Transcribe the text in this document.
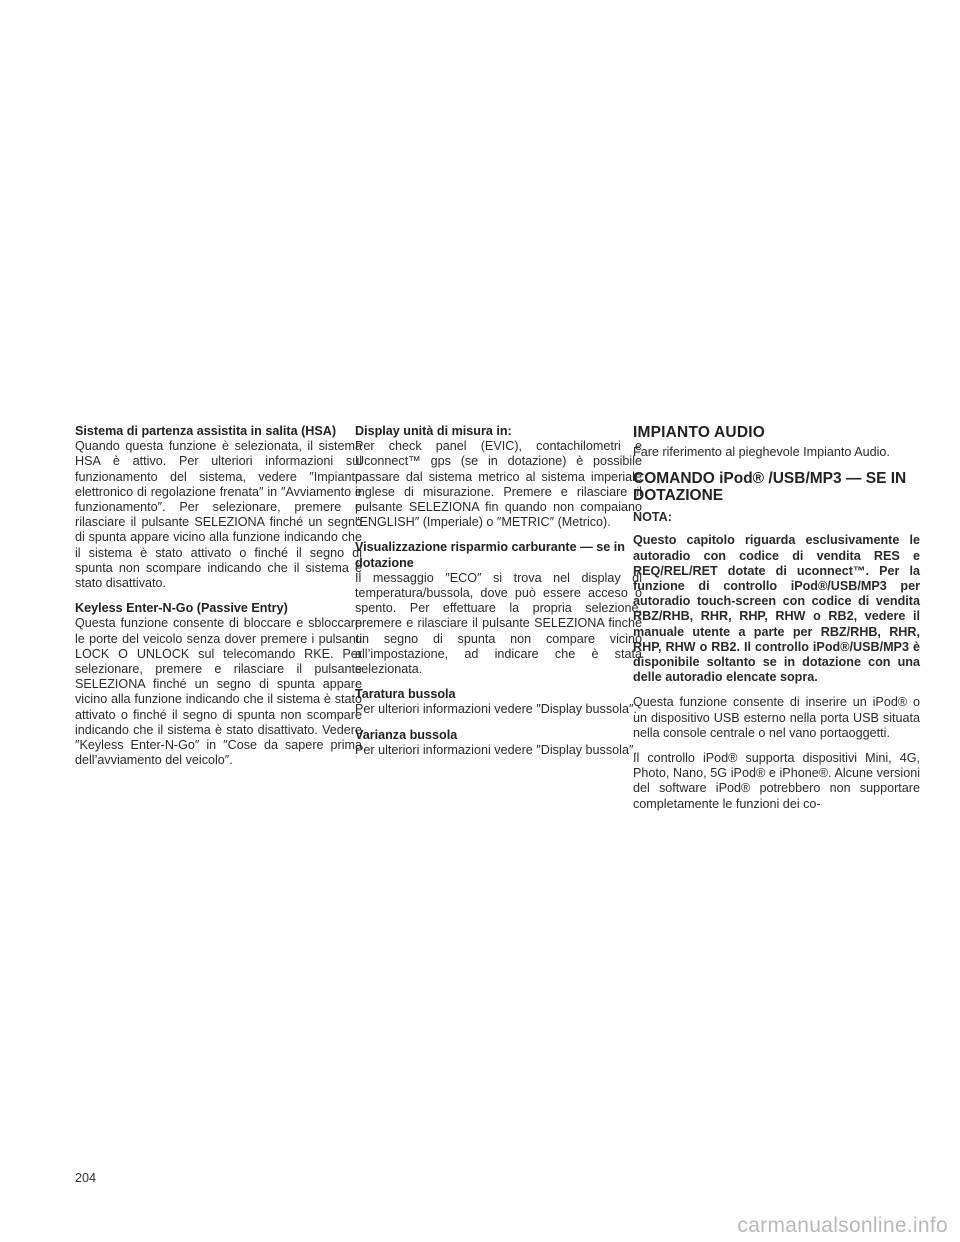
Sistema di partenza assistita in salita (HSA)
Quando questa funzione è selezionata, il sistema HSA è attivo. Per ulteriori informazioni sul funzionamento del sistema, vedere ″Impianto elettronico di regolazione frenata″ in ″Avviamento e funzionamento″. Per selezionare, premere e rilasciare il pulsante SELEZIONA finché un segno di spunta appare vicino alla funzione indicando che il sistema è stato attivato o finché il segno di spunta non scompare indicando che il sistema è stato disattivato.
Keyless Enter-N-Go (Passive Entry)
Questa funzione consente di bloccare e sbloccare le porte del veicolo senza dover premere i pulsanti LOCK O UNLOCK sul telecomando RKE. Per selezionare, premere e rilasciare il pulsante SELEZIONA finché un segno di spunta appare vicino alla funzione indicando che il sistema è stato attivato o finché il segno di spunta non scompare indicando che il sistema è stato disattivato. Vedere ″Keyless Enter-N-Go″ in ″Cose da sapere prima dell’avviamento del veicolo″.
Display unità di misura in:
Per check panel (EVIC), contachilometri e Uconnect™ gps (se in dotazione) è possibile passare dal sistema metrico al sistema imperiale inglese di misurazione. Premere e rilasciare il pulsante SELEZIONA fin quando non compaiano ″ENGLISH″ (Imperiale) o ″METRIC″ (Metrico).
Visualizzazione risparmio carburante — se in dotazione
Il messaggio ″ECO″ si trova nel display di temperatura/bussola, dove può essere acceso o spento. Per effettuare la propria selezione, premere e rilasciare il pulsante SELEZIONA finché un segno di spunta non compare vicino all’impostazione, ad indicare che è stata selezionata.
Taratura bussola
Per ulteriori informazioni vedere ″Display bussola″.
Varianza bussola
Per ulteriori informazioni vedere ″Display bussola″.
IMPIANTO AUDIO
Fare riferimento al pieghevole Impianto Audio.
COMANDO iPod® /USB/MP3 — SE IN DOTAZIONE
NOTA:
Questo capitolo riguarda esclusivamente le autoradio con codice di vendita RES e REQ/REL/RET dotate di uconnect™. Per la funzione di controllo iPod®/USB/MP3 per autoradio touch-screen con codice di vendita RBZ/RHB, RHR, RHP, RHW o RB2, vedere il manuale utente a parte per RBZ/RHB, RHR, RHP, RHW o RB2. Il controllo iPod®/USB/MP3 è disponibile soltanto se in dotazione con una delle autoradio elencate sopra.
Questa funzione consente di inserire un iPod® o un dispositivo USB esterno nella porta USB situata nella console centrale o nel vano portaoggetti.
Il controllo iPod® supporta dispositivi Mini, 4G, Photo, Nano, 5G iPod® e iPhone®. Alcune versioni del software iPod® potrebbero non supportare completamente le funzioni dei co-
204
carmanualsonline.info
